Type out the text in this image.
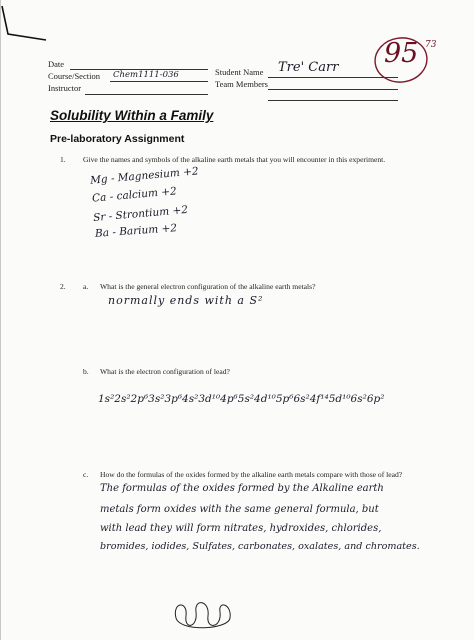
95 73
Date
Course/Section Chem1111-036
Instructor
Student Name Tre' Carr
Team Members
Solubility Within a Family
Pre-laboratory Assignment
1. Give the names and symbols of the alkaline earth metals that you will encounter in this experiment.
Mg - Magnesium +2
Ca - calcium +2
Sr - Strontium +2
Ba - Barium +2
2. a. What is the general electron configuration of the alkaline earth metals?
normally ends with a S²
b. What is the electron configuration of lead?
1s²2s²2p⁶3s²3p⁶4s²3d¹⁰4p⁶5s²4d¹⁰5p⁶6s²4f¹⁴5d¹⁰6s²6p²
c. How do the formulas of the oxides formed by the alkaline earth metals compare with those of lead?
The formulas of the oxides formed by the Alkaline earth
metals form oxides with the same general formula, but
with lead they will form nitrates, hydroxides, chlorides,
bromides, iodides, Sulfates, carbonates, oxalates, and chromates.
